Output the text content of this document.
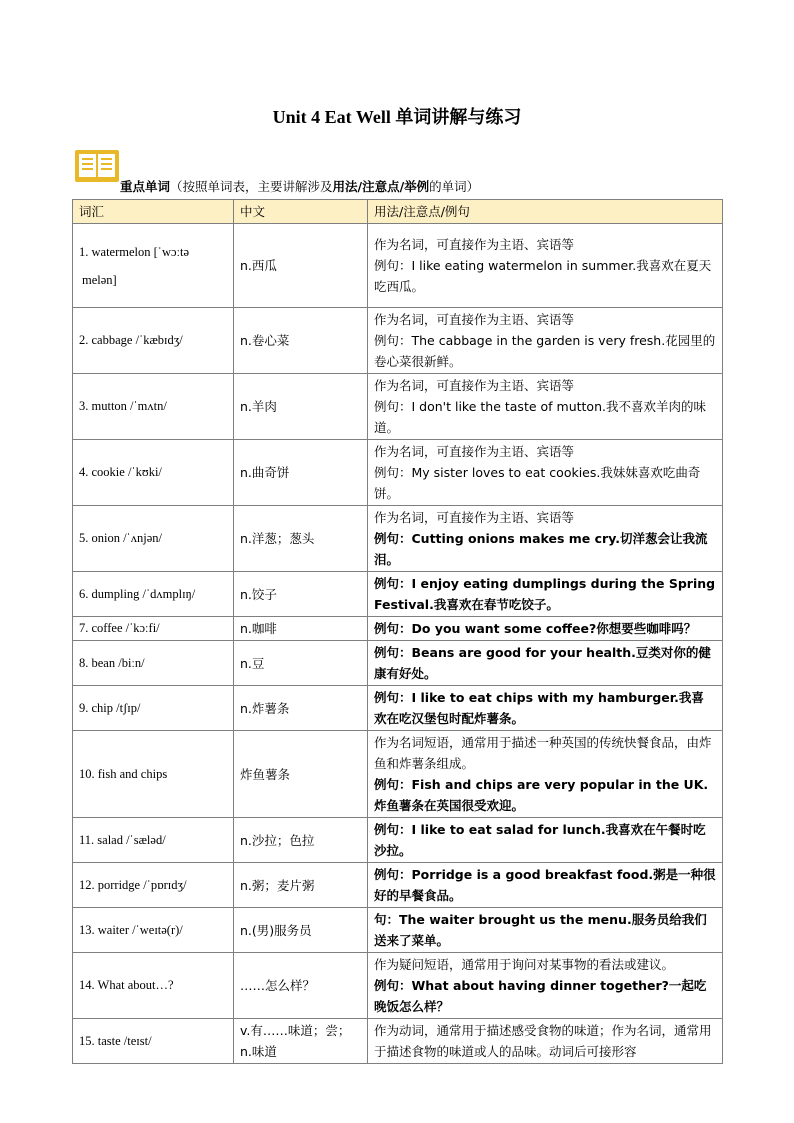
Unit 4 Eat Well 单词讲解与练习
重点单词（按照单词表，主要讲解涉及用法/注意点/举例的单词）
词汇	中文	用法/注意点/例句

1. watermelon [ˈwɔːtə
melən]	n.西瓜	作为名词，可直接作为主语、宾语等
例句：I like eating watermelon in summer.我喜欢在夏天吃西瓜。

2. cabbage /ˈkæbɪdʒ/	n.卷心菜	作为名词，可直接作为主语、宾语等
例句：The cabbage in the garden is very fresh.花园里的卷心菜很新鲜。

3. mutton /ˈmʌtn/	n.羊肉	作为名词，可直接作为主语、宾语等
例句：I don't like the taste of mutton.我不喜欢羊肉的味道。

4. cookie /ˈkʊki/	n.曲奇饼	作为名词，可直接作为主语、宾语等
例句：My sister loves to eat cookies.我妹妹喜欢吃曲奇饼。

5. onion /ˈʌnjən/	n.洋葱；葱头	作为名词，可直接作为主语、宾语等
例句：Cutting onions makes me cry.切洋葱会让我流泪。

6. dumpling /ˈdʌmplɪŋ/	n.饺子	例句：I enjoy eating dumplings during the Spring Festival.我喜欢在春节吃饺子。
7. coffee /ˈkɔːfi/	n.咖啡	例句：Do you want some coffee?你想要些咖啡吗？
8. bean /biːn/	n.豆	例句：Beans are good for your health.豆类对你的健康有好处。
9. chip /tʃɪp/	n.炸薯条	例句：I like to eat chips with my hamburger.我喜欢在吃汉堡包时配炸薯条。
10. fish and chips	炸鱼薯条	作为名词短语，通常用于描述一种英国的传统快餐食品，由炸鱼和炸薯条组成。
例句：Fish and chips are very popular in the UK.炸鱼薯条在英国很受欢迎。

11. salad /ˈsæləd/	n.沙拉；色拉	例句：I like to eat salad for lunch.我喜欢在午餐时吃沙拉。
12. porridge /ˈpɒrɪdʒ/	n.粥；麦片粥	例句：Porridge is a good breakfast food.粥是一种很好的早餐食品。
13. waiter /ˈweɪtə(r)/	n.(男)服务员	句：The waiter brought us the menu.服务员给我们送来了菜单。
14. What about…?	……怎么样？	作为疑问短语，通常用于询问对某事物的看法或建议。
例句：What about having dinner together?一起吃晚饭怎么样？

15. taste /teɪst/	v.有……味道；尝；n.味道	作为动词，通常用于描述感受食物的味道；作为名词，通常用于描述食物的味道或人的品味。动词后可接形容
